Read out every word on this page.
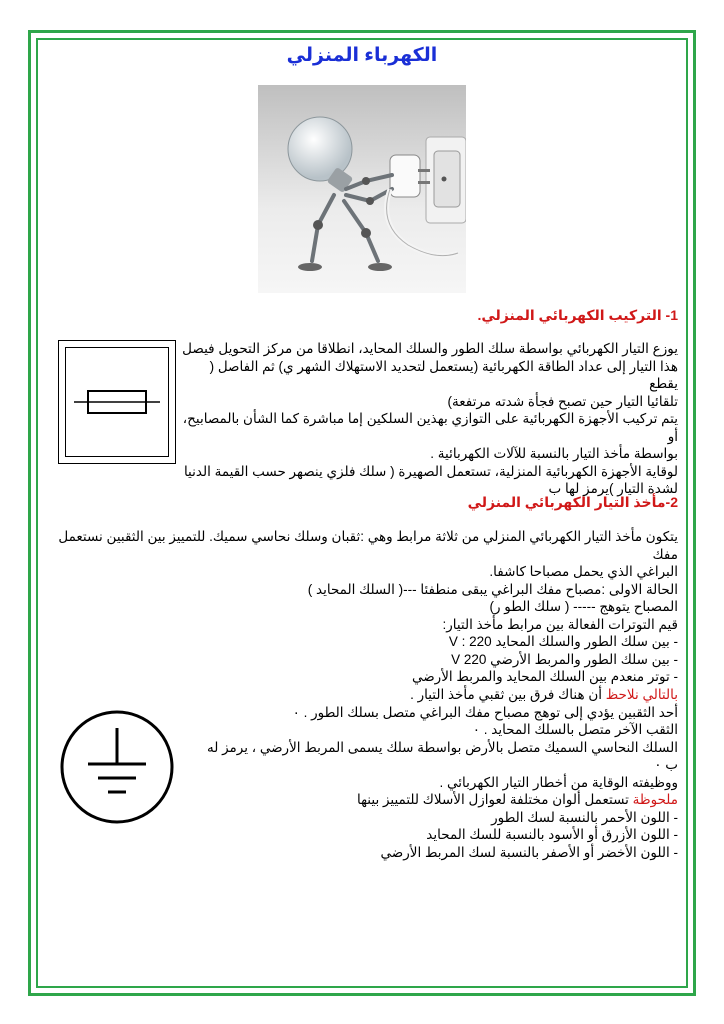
الكهرباء المنزلي
1- التركيب الكهربائي المنزلي.

يوزع التيار الكهربائي بواسطة سلك الطور والسلك المحايد، انطلاقا من مركز التحويل فيصل

هذا التيار إلى عداد الطاقة الكهربائية (يستعمل لتحديد الاستهلاك الشهر ي) ثم الفاصل ( يقطع

تلقائيا التيار حين تصبح فجأة شدته مرتفعة)

يتم تركيب الأجهزة الكهربائية على التوازي بهذين السلكين إما مباشرة كما الشأن بالمصابيح، أو

بواسطة مأخذ التيار بالنسبة للآلات الكهربائية .

لوقاية الأجهزة الكهربائية المنزلية، تستعمل الصهيرة ( سلك فلزي ينصهر حسب القيمة الدنيا

لشدة التيار )يرمز لها ب

2-مأخذ التيار الكهربائي المنزلي

يتكون مأخذ التيار الكهربائي المنزلي من ثلاثة مرابط وهي :ثقبان وسلك نحاسي سميك. للتمييز بين الثقبين نستعمل مفك

البراغي الذي يحمل مصباحا كاشفا.

الحالة الاولى :مصباح مفك البراغي يبقى منطفئا ---( السلك المحايد )

المصباح يتوهج ----- ( سلك الطو ر)

قيم التوترات الفعالة بين مرابط مأخذ التيار:

- بين سلك الطور والسلك المحايد V : 220

- بين سلك الطور والمربط الأرضي V 220

- توتر منعدم بين السلك المحايد والمربط الأرضي

بالتالي نلاحظ أن هناك فرق بين ثقبي مأخذ التيار .

أحد الثقبين يؤدي إلى توهج مصباح مفك البراغي متصل بسلك الطور . ٠

الثقب الآخر متصل بالسلك المحايد . ٠

السلك النحاسي السميك متصل بالأرض بواسطة سلك يسمى المربط الأرضي ، يرمز له ب ٠

ووظيفته الوقاية من أخطار التيار الكهربائي .

ملحوظة تستعمل ألوان مختلفة لعوازل الأسلاك للتمييز بينها

- اللون الأحمر بالنسبة لسك الطور

- اللون الأزرق أو الأسود بالنسبة للسك المحايد

- اللون الأخضر أو الأصفر بالنسبة لسك المربط الأرضي
